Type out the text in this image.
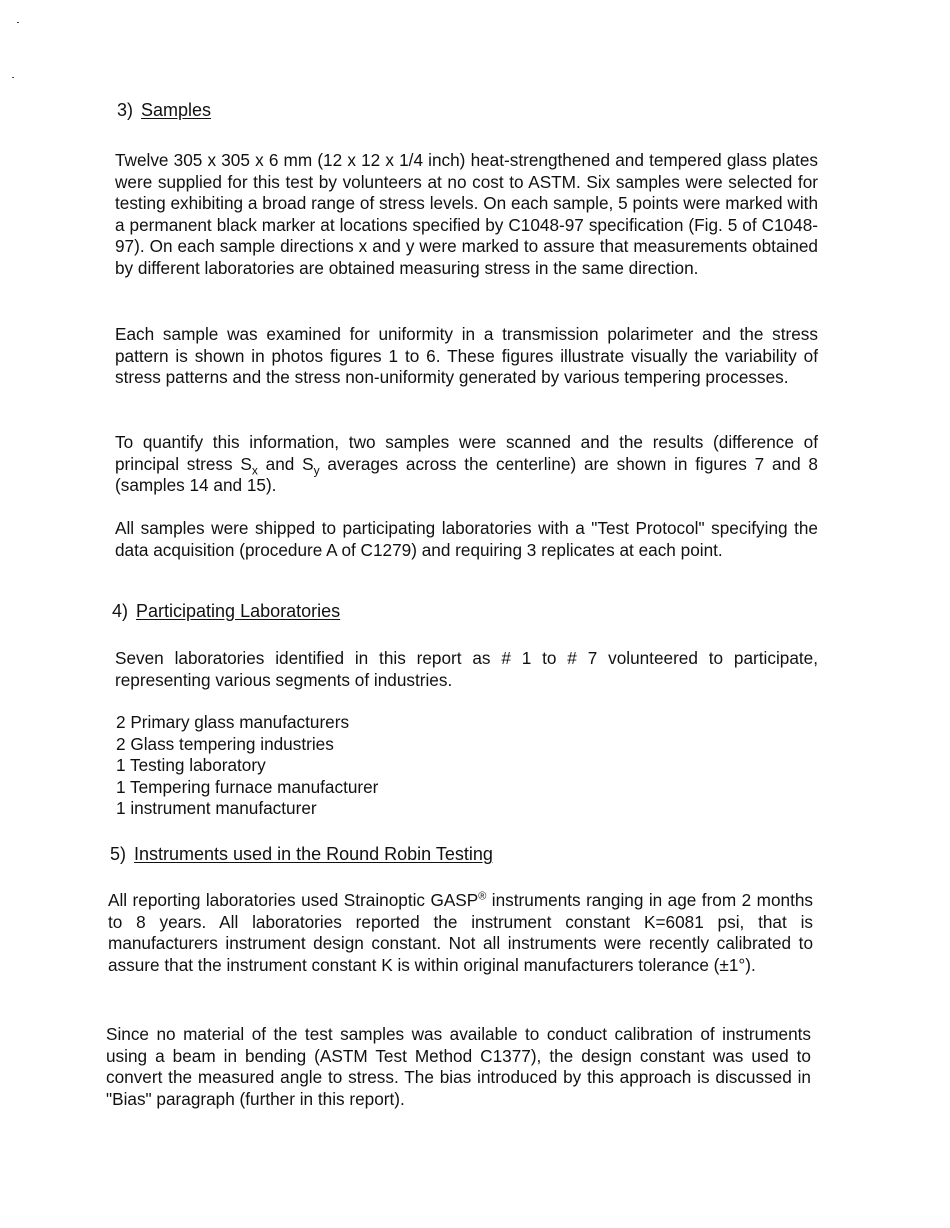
3) Samples

Twelve 305 x 305 x 6 mm (12 x 12 x 1/4 inch) heat-strengthened and tempered glass plates were supplied for this test by volunteers at no cost to ASTM. Six samples were selected for testing exhibiting a broad range of stress levels. On each sample, 5 points were marked with a permanent black marker at locations specified by C1048-97 specification (Fig. 5 of C1048-97). On each sample directions x and y were marked to assure that measurements obtained by different laboratories are obtained measuring stress in the same direction.

Each sample was examined for uniformity in a transmission polarimeter and the stress pattern is shown in photos figures 1 to 6. These figures illustrate visually the variability of stress patterns and the stress non-uniformity generated by various tempering processes.

To quantify this information, two samples were scanned and the results (difference of principal stress $S_x$ and $S_y$ averages across the centerline) are shown in figures 7 and 8 (samples 14 and 15).

All samples were shipped to participating laboratories with a "Test Protocol" specifying the data acquisition (procedure A of C1279) and requiring 3 replicates at each point.

4) Participating Laboratories

Seven laboratories identified in this report as # 1 to # 7 volunteered to participate, representing various segments of industries.

2 Primary glass manufacturers
2 Glass tempering industries
1 Testing laboratory
1 Tempering furnace manufacturer
1 instrument manufacturer
5) Instruments used in the Round Robin Testing

All reporting laboratories used Strainoptic GASP® instruments ranging in age from 2 months to 8 years. All laboratories reported the instrument constant K=6081 psi, that is manufacturers instrument design constant. Not all instruments were recently calibrated to assure that the instrument constant K is within original manufacturers tolerance (±1°).

Since no material of the test samples was available to conduct calibration of instruments using a beam in bending (ASTM Test Method C1377), the design constant was used to convert the measured angle to stress. The bias introduced by this approach is discussed in "Bias" paragraph (further in this report).
